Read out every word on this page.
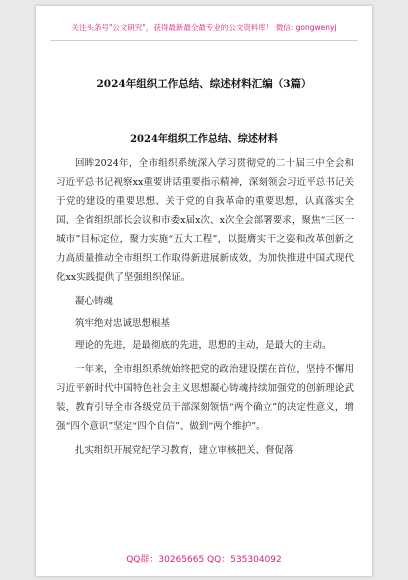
关注头条号"公文研究"，获得最新最全最专业的公文资料库！ 微信: gongwenyj
2024年组织工作总结、综述材料汇编（3篇）
2024年组织工作总结、综述材料

回眸2024年，全市组织系统深入学习贯彻党的二十届三中全会和习近平总书记视察xx重要讲话重要指示精神，深刻领会习近平总书记关于党的建设的重要思想、关于党的自我革命的重要思想，认真落实全国、全省组织部长会议和市委x届x次、x次全会部署要求，聚焦“三区一城市”目标定位，聚力实施“五大工程”，以挺膺实干之姿和改革创新之力高质量推动全市组织工作取得新进展新成效，为加快推进中国式现代化xx实践提供了坚强组织保证。

凝心铸魂

筑牢绝对忠诚思想根基

理论的先进，是最彻底的先进，思想的主动，是最大的主动。

一年来，全市组织系统始终把党的政治建设摆在首位，坚持不懈用习近平新时代中国特色社会主义思想凝心铸魂持续加强党的创新理论武装，教育引导全市各级党员干部深刻领悟“两个确立”的决定性意义，增强“四个意识”坚定“四个自信”、做到“两个维护”。

扎实组织开展党纪学习教育，建立审核把关、督促落

QQ群：30265665 QQ：535304092
